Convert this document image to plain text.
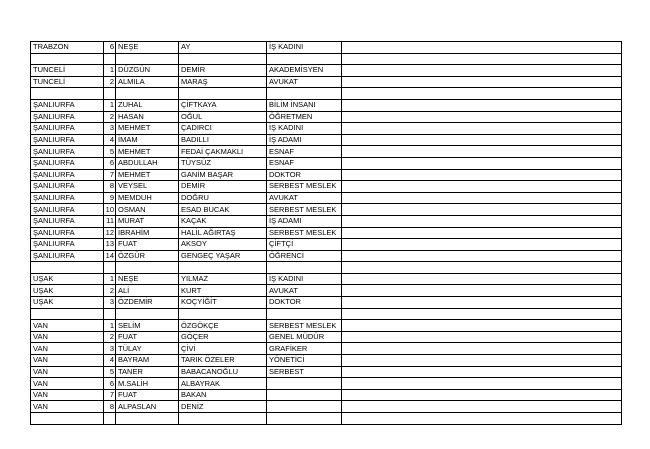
TRABZON	6	NEŞE	AY	İŞ KADINI	

TUNCELİ	1	DÜZGÜN	DEMİR	AKADEMİSYEN	
TUNCELİ	2	ALMILA	MARAŞ	AVUKAT	

ŞANLIURFA	1	ZUHAL	ÇİFTKAYA	BİLİM İNSANI	
ŞANLIURFA	2	HASAN	OĞUL	ÖĞRETMEN	
ŞANLIURFA	3	MEHMET	ÇADIRCI	İŞ KADINI	
ŞANLIURFA	4	İMAM	BADILLI	İŞ ADAMI	
ŞANLIURFA	5	MEHMET	FEDAİ ÇAKMAKLI	ESNAF	
ŞANLIURFA	6	ABDULLAH	TÜYSÜZ	ESNAF	
ŞANLIURFA	7	MEHMET	GANİM BAŞAR	DOKTOR	
ŞANLIURFA	8	VEYSEL	DEMİR	SERBEST MESLEK	
ŞANLIURFA	9	MEMDUH	DOĞRU	AVUKAT	
ŞANLIURFA	10	OSMAN	ESAD BUCAK	SERBEST MESLEK	
ŞANLIURFA	11	MURAT	KAÇAK	İŞ ADAMI	
ŞANLIURFA	12	İBRAHİM	HALİL AĞIRTAŞ	SERBEST MESLEK	
ŞANLIURFA	13	FUAT	AKSOY	ÇİFTÇİ	
ŞANLIURFA	14	ÖZGÜR	GENGEÇ YAŞAR	ÖĞRENCİ	

UŞAK	1	NEŞE	YILMAZ	İŞ KADINI	
UŞAK	2	ALİ	KURT	AVUKAT	
UŞAK	3	ÖZDEMİR	KOÇYİĞİT	DOKTOR	

VAN	1	SELİM	ÖZGÖKÇE	SERBEST MESLEK	
VAN	2	FUAT	GÖÇER	GENEL MÜDÜR	
VAN	3	TÜLAY	ÇİVİ	GRAFİKER	
VAN	4	BAYRAM	TARIK ÖZELER	YÖNETİCİ	
VAN	5	TANER	BABACANOĞLU	SERBEST	
VAN	6	M.SALİH	ALBAYRAK		
VAN	7	FUAT	BAKAN		
VAN	8	ALPASLAN	DENİZ		
